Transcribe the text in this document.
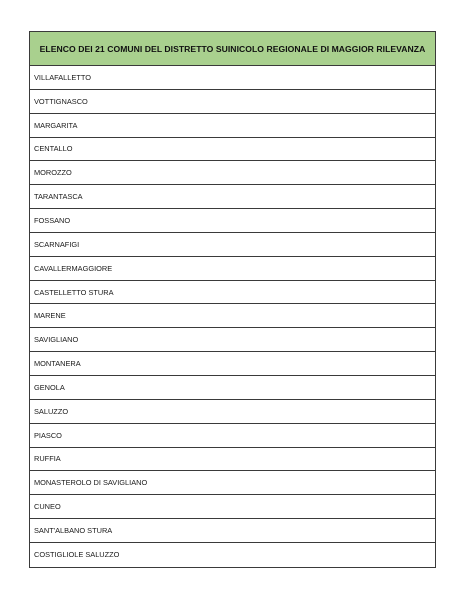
ELENCO DEI 21 COMUNI DEL DISTRETTO SUINICOLO REGIONALE DI MAGGIOR RILEVANZA
VILLAFALLETTO
VOTTIGNASCO
MARGARITA
CENTALLO
MOROZZO
TARANTASCA
FOSSANO
SCARNAFIGI
CAVALLERMAGGIORE
CASTELLETTO STURA
MARENE
SAVIGLIANO
MONTANERA
GENOLA
SALUZZO
PIASCO
RUFFIA
MONASTEROLO DI SAVIGLIANO
CUNEO
SANT'ALBANO STURA
COSTIGLIOLE SALUZZO
